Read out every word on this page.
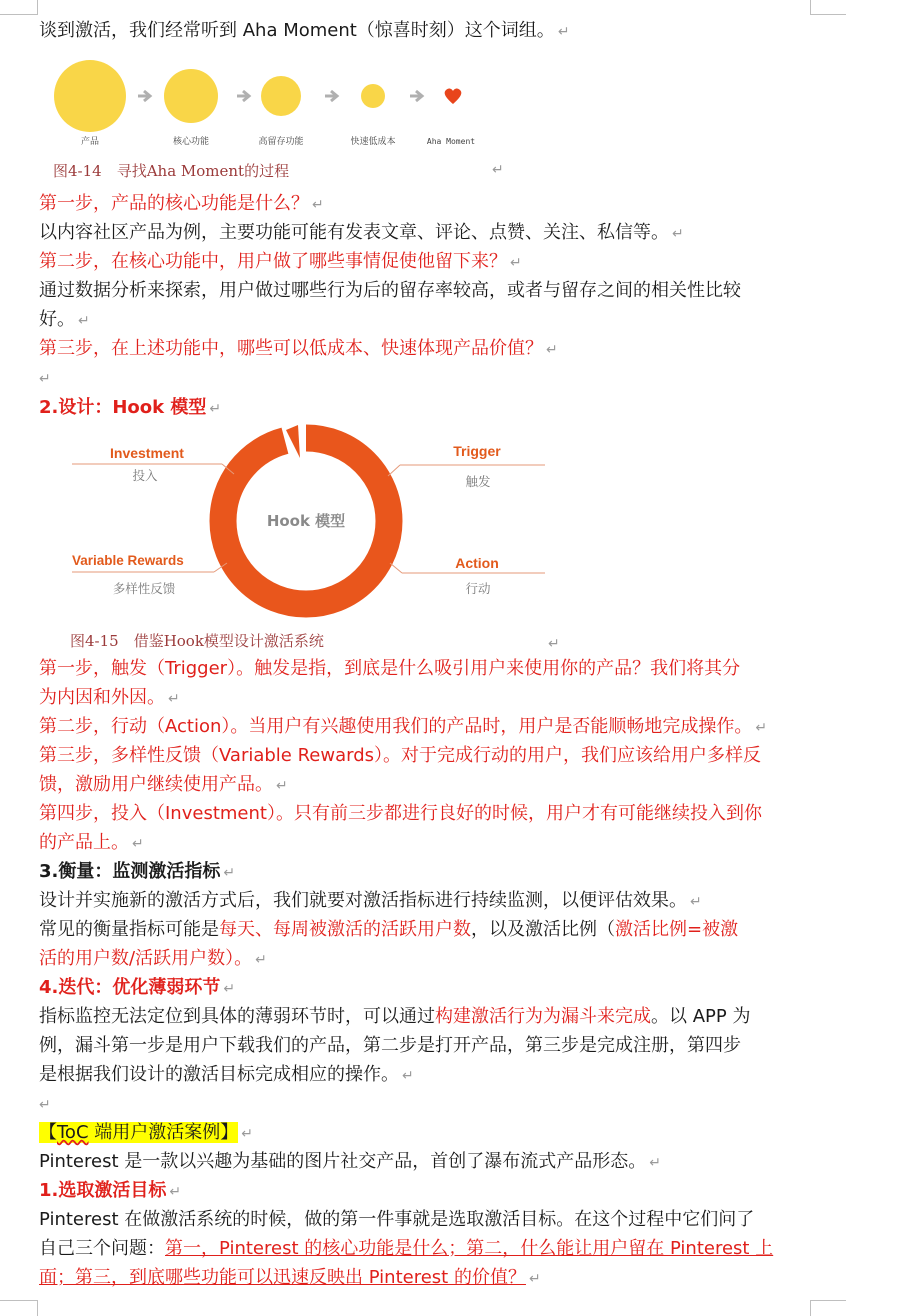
谈到激活，我们经常听到 Aha Moment（惊喜时刻）这个词组。 ↵
产品	核心功能	高留存功能	快速低成本	Aha Moment
图4-14　寻找Aha Moment的过程	↵
第一步，产品的核心功能是什么？ ↵
以内容社区产品为例，主要功能可能有发表文章、评论、点赞、关注、私信等。 ↵
第二步，在核心功能中，用户做了哪些事情促使他留下来？ ↵
通过数据分析来探索，用户做过哪些行为后的留存率较高，或者与留存之间的相关性比较
好。 ↵
第三步，在上述功能中，哪些可以低成本、快速体现产品价值？ ↵
↵
2.设计：Hook 模型 ↵
Hook 模型
Investment
投入
Trigger
触发
Variable Rewards
多样性反馈
Action
行动
图4-15　借鉴Hook模型设计激活系统	↵
第一步，触发（Trigger）。触发是指，到底是什么吸引用户来使用你的产品？我们将其分
为内因和外因。 ↵
第二步，行动（Action）。当用户有兴趣使用我们的产品时，用户是否能顺畅地完成操作。 ↵
第三步，多样性反馈（Variable Rewards）。对于完成行动的用户，我们应该给用户多样反
馈，激励用户继续使用产品。 ↵
第四步，投入（Investment）。只有前三步都进行良好的时候，用户才有可能继续投入到你
的产品上。 ↵
3.衡量：监测激活指标 ↵
设计并实施新的激活方式后，我们就要对激活指标进行持续监测，以便评估效果。 ↵
常见的衡量指标可能是每天、每周被激活的活跃用户数，以及激活比例（激活比例=被激
活的用户数/活跃用户数）。 ↵
4.迭代：优化薄弱环节 ↵
指标监控无法定位到具体的薄弱环节时，可以通过构建激活行为为漏斗来完成。以 APP 为
例，漏斗第一步是用户下载我们的产品，第二步是打开产品，第三步是完成注册，第四步
是根据我们设计的激活目标完成相应的操作。 ↵
↵
【ToC 端用户激活案例】 ↵
Pinterest 是一款以兴趣为基础的图片社交产品，首创了瀑布流式产品形态。 ↵
1.选取激活目标 ↵
Pinterest 在做激活系统的时候，做的第一件事就是选取激活目标。在这个过程中它们问了
自己三个问题：第一，Pinterest 的核心功能是什么；第二，什么能让用户留在 Pinterest 上
面；第三，到底哪些功能可以迅速反映出 Pinterest 的价值？ ↵
